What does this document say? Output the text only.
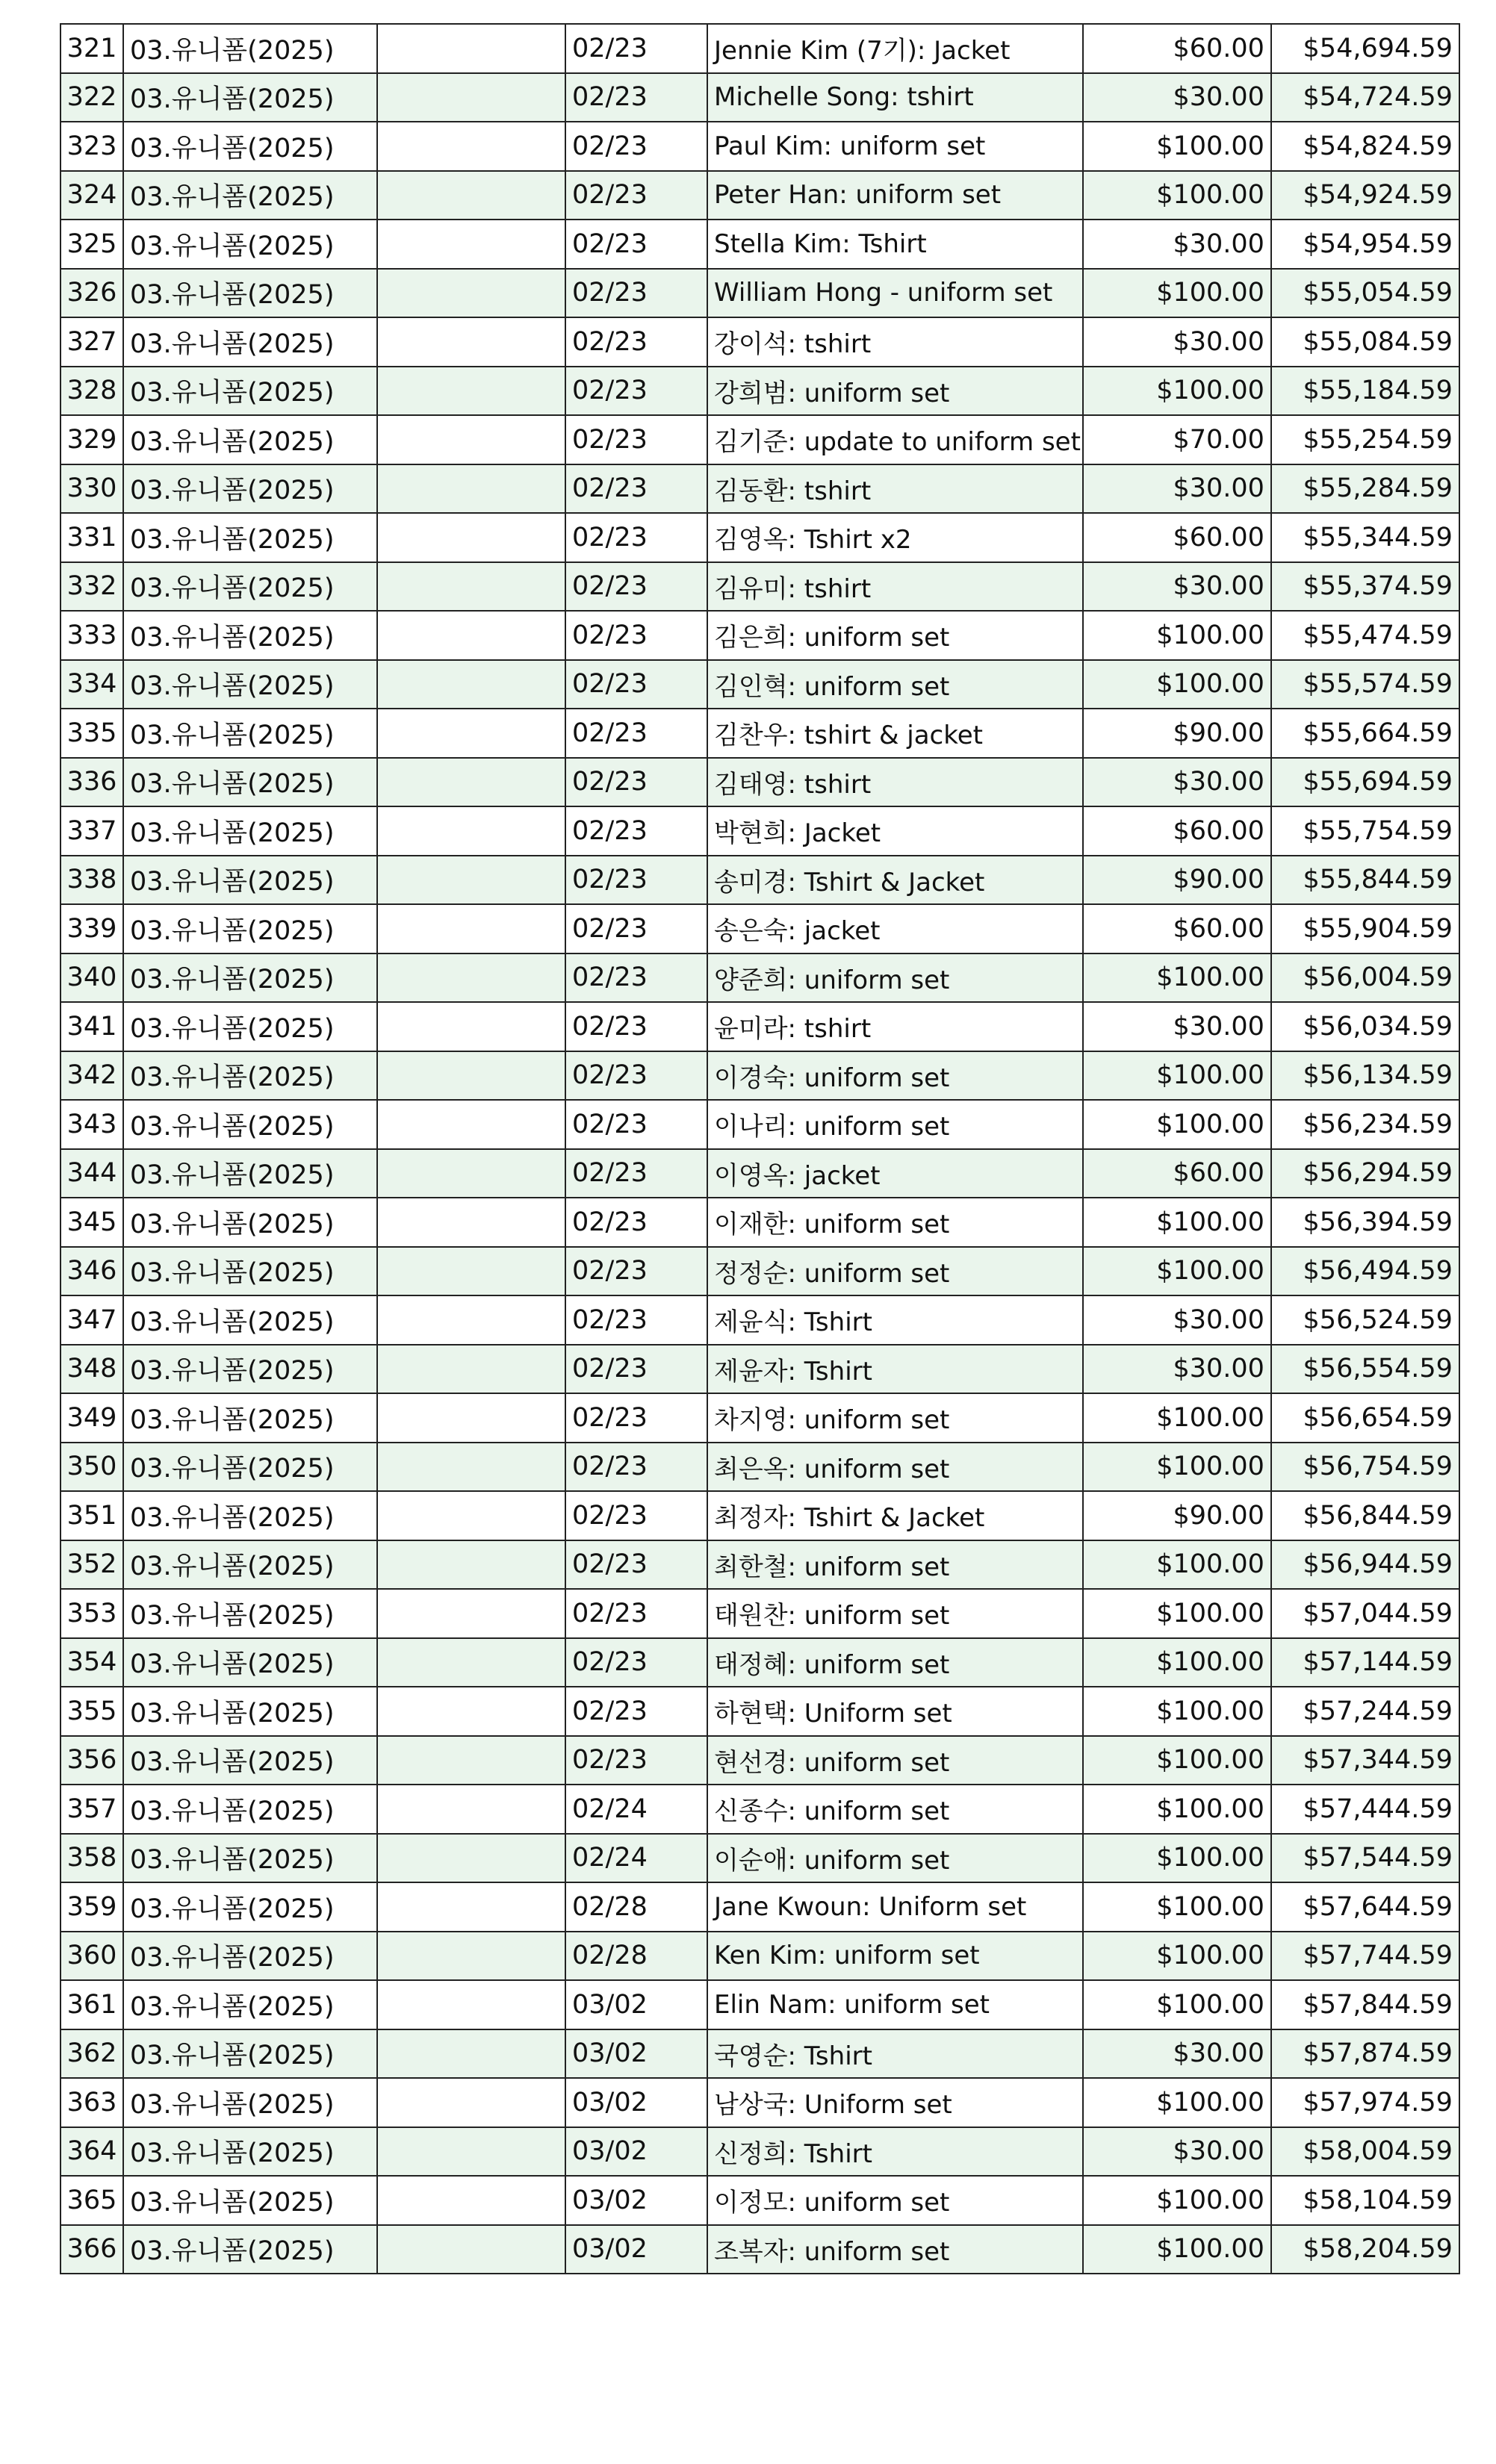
321	03.유니폼(2025)		02/23	Jennie Kim (7기): Jacket	$60.00	$54,694.59
322	03.유니폼(2025)		02/23	Michelle Song: tshirt	$30.00	$54,724.59
323	03.유니폼(2025)		02/23	Paul Kim: uniform set	$100.00	$54,824.59
324	03.유니폼(2025)		02/23	Peter Han: uniform set	$100.00	$54,924.59
325	03.유니폼(2025)		02/23	Stella Kim: Tshirt	$30.00	$54,954.59
326	03.유니폼(2025)		02/23	William Hong - uniform set	$100.00	$55,054.59
327	03.유니폼(2025)		02/23	강이석: tshirt	$30.00	$55,084.59
328	03.유니폼(2025)		02/23	강희범: uniform set	$100.00	$55,184.59
329	03.유니폼(2025)		02/23	김기준: update to uniform set	$70.00	$55,254.59
330	03.유니폼(2025)		02/23	김동환: tshirt	$30.00	$55,284.59
331	03.유니폼(2025)		02/23	김영옥: Tshirt x2	$60.00	$55,344.59
332	03.유니폼(2025)		02/23	김유미: tshirt	$30.00	$55,374.59
333	03.유니폼(2025)		02/23	김은희: uniform set	$100.00	$55,474.59
334	03.유니폼(2025)		02/23	김인혁: uniform set	$100.00	$55,574.59
335	03.유니폼(2025)		02/23	김찬우: tshirt & jacket	$90.00	$55,664.59
336	03.유니폼(2025)		02/23	김태영: tshirt	$30.00	$55,694.59
337	03.유니폼(2025)		02/23	박현희: Jacket	$60.00	$55,754.59
338	03.유니폼(2025)		02/23	송미경: Tshirt & Jacket	$90.00	$55,844.59
339	03.유니폼(2025)		02/23	송은숙: jacket	$60.00	$55,904.59
340	03.유니폼(2025)		02/23	양준희: uniform set	$100.00	$56,004.59
341	03.유니폼(2025)		02/23	윤미라: tshirt	$30.00	$56,034.59
342	03.유니폼(2025)		02/23	이경숙: uniform set	$100.00	$56,134.59
343	03.유니폼(2025)		02/23	이나리: uniform set	$100.00	$56,234.59
344	03.유니폼(2025)		02/23	이영옥: jacket	$60.00	$56,294.59
345	03.유니폼(2025)		02/23	이재한: uniform set	$100.00	$56,394.59
346	03.유니폼(2025)		02/23	정정순: uniform set	$100.00	$56,494.59
347	03.유니폼(2025)		02/23	제윤식: Tshirt	$30.00	$56,524.59
348	03.유니폼(2025)		02/23	제윤자: Tshirt	$30.00	$56,554.59
349	03.유니폼(2025)		02/23	차지영: uniform set	$100.00	$56,654.59
350	03.유니폼(2025)		02/23	최은옥: uniform set	$100.00	$56,754.59
351	03.유니폼(2025)		02/23	최정자: Tshirt & Jacket	$90.00	$56,844.59
352	03.유니폼(2025)		02/23	최한철: uniform set	$100.00	$56,944.59
353	03.유니폼(2025)		02/23	태원찬: uniform set	$100.00	$57,044.59
354	03.유니폼(2025)		02/23	태정혜: uniform set	$100.00	$57,144.59
355	03.유니폼(2025)		02/23	하현택: Uniform set	$100.00	$57,244.59
356	03.유니폼(2025)		02/23	현선경: uniform set	$100.00	$57,344.59
357	03.유니폼(2025)		02/24	신종수: uniform set	$100.00	$57,444.59
358	03.유니폼(2025)		02/24	이순애: uniform set	$100.00	$57,544.59
359	03.유니폼(2025)		02/28	Jane Kwoun: Uniform set	$100.00	$57,644.59
360	03.유니폼(2025)		02/28	Ken Kim: uniform set	$100.00	$57,744.59
361	03.유니폼(2025)		03/02	Elin Nam: uniform set	$100.00	$57,844.59
362	03.유니폼(2025)		03/02	국영순: Tshirt	$30.00	$57,874.59
363	03.유니폼(2025)		03/02	남상국: Uniform set	$100.00	$57,974.59
364	03.유니폼(2025)		03/02	신정희: Tshirt	$30.00	$58,004.59
365	03.유니폼(2025)		03/02	이정모: uniform set	$100.00	$58,104.59
366	03.유니폼(2025)		03/02	조복자: uniform set	$100.00	$58,204.59
